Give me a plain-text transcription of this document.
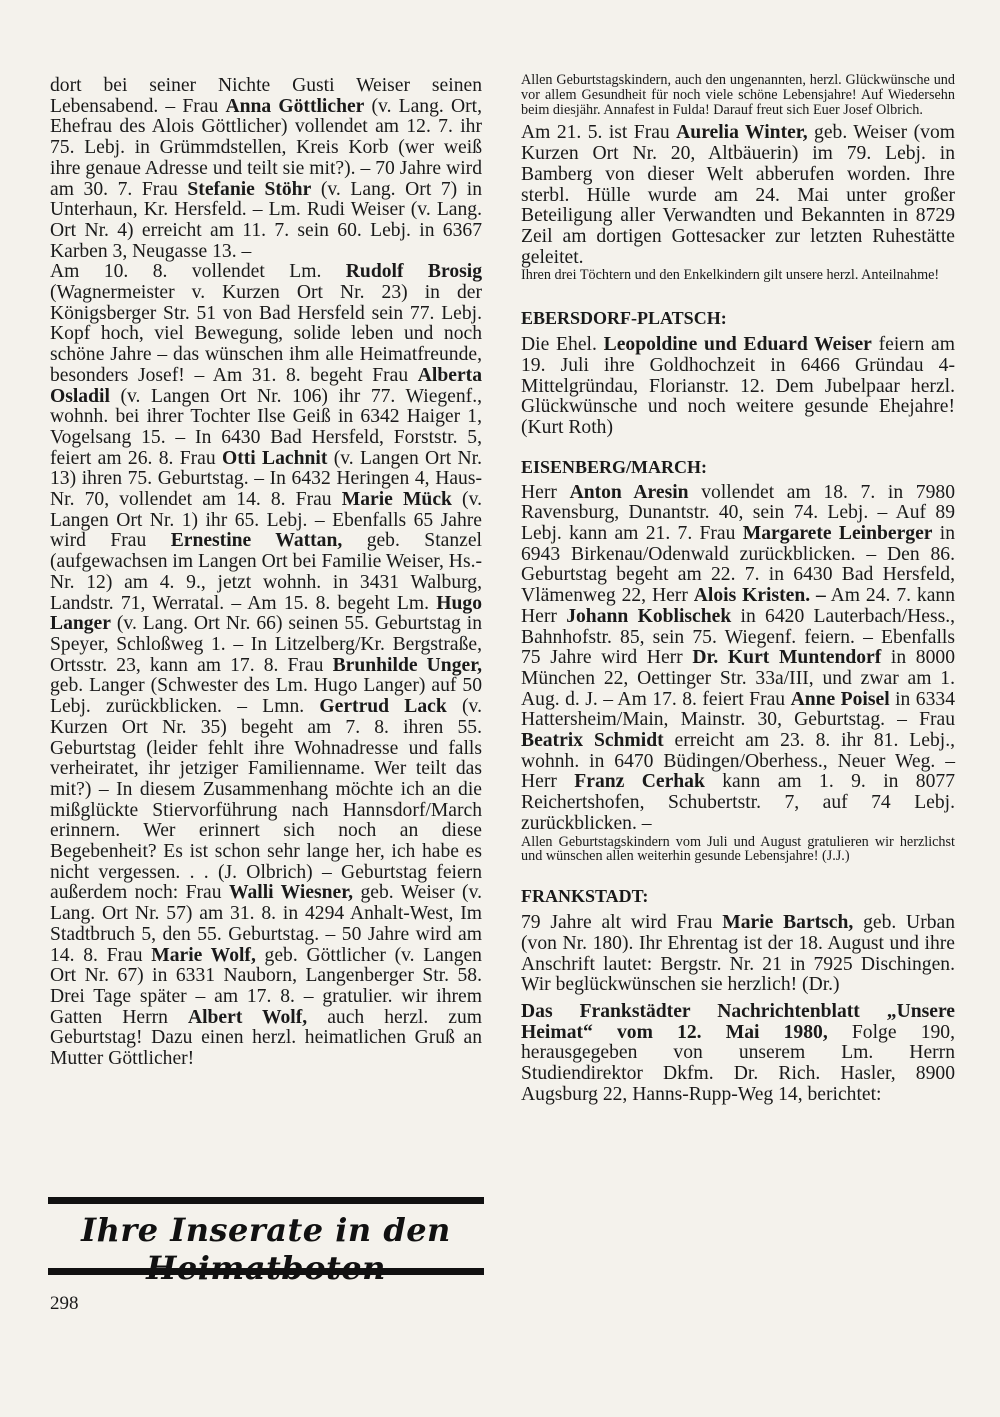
dort bei seiner Nichte Gusti Weiser seinen Lebensabend. – Frau Anna Göttlicher (v. Lang. Ort, Ehefrau des Alois Göttlicher) vollendet am 12. 7. ihr 75. Lebj. in Grümmdstellen, Kreis Korb (wer weiß ihre genaue Adresse und teilt sie mit?). – 70 Jahre wird am 30. 7. Frau Stefanie Stöhr (v. Lang. Ort 7) in Unterhaun, Kr. Hersfeld. – Lm. Rudi Weiser (v. Lang. Ort Nr. 4) erreicht am 11. 7. sein 60. Lebj. in 6367 Karben 3, Neugasse 13. –

Am 10. 8. vollendet Lm. Rudolf Brosig (Wagnermeister v. Kurzen Ort Nr. 23) in der Königsberger Str. 51 von Bad Hersfeld sein 77. Lebj. Kopf hoch, viel Bewegung, solide leben und noch schöne Jahre – das wünschen ihm alle Heimatfreunde, besonders Josef! – Am 31. 8. begeht Frau Alberta Osladil (v. Langen Ort Nr. 106) ihr 77. Wiegenf., wohnh. bei ihrer Tochter Ilse Geiß in 6342 Haiger 1, Vogelsang 15. – In 6430 Bad Hersfeld, Forststr. 5, feiert am 26. 8. Frau Otti Lachnit (v. Langen Ort Nr. 13) ihren 75. Geburtstag. – In 6432 Heringen 4, Haus-Nr. 70, vollendet am 14. 8. Frau Marie Mück (v. Langen Ort Nr. 1) ihr 65. Lebj. – Ebenfalls 65 Jahre wird Frau Ernestine Wattan, geb. Stanzel (aufgewachsen im Langen Ort bei Familie Weiser, Hs.-Nr. 12) am 4. 9., jetzt wohnh. in 3431 Walburg, Landstr. 71, Werratal. – Am 15. 8. begeht Lm. Hugo Langer (v. Lang. Ort Nr. 66) seinen 55. Geburtstag in Speyer, Schloßweg 1. – In Litzelberg/Kr. Bergstraße, Ortsstr. 23, kann am 17. 8. Frau Brunhilde Unger, geb. Langer (Schwester des Lm. Hugo Langer) auf 50 Lebj. zurückblicken. – Lmn. Gertrud Lack (v. Kurzen Ort Nr. 35) begeht am 7. 8. ihren 55. Geburtstag (leider fehlt ihre Wohnadresse und falls verheiratet, ihr jetziger Familienname. Wer teilt das mit?) – In diesem Zusammenhang möchte ich an die mißglückte Stiervorführung nach Hannsdorf/March erinnern. Wer erinnert sich noch an diese Begebenheit? Es ist schon sehr lange her, ich habe es nicht vergessen. . . (J. Olbrich) – Geburtstag feiern außerdem noch: Frau Walli Wiesner, geb. Weiser (v. Lang. Ort Nr. 57) am 31. 8. in 4294 Anhalt-West, Im Stadtbruch 5, den 55. Geburtstag. – 50 Jahre wird am 14. 8. Frau Marie Wolf, geb. Göttlicher (v. Langen Ort Nr. 67) in 6331 Nauborn, Langenberger Str. 58. Drei Tage später – am 17. 8. – gratulier. wir ihrem Gatten Herrn Albert Wolf, auch herzl. zum Geburtstag! Dazu einen herzl. heimatlichen Gruß an Mutter Göttlicher!

Ihre Inserate in den
298

Allen Geburtstagskindern, auch den ungenannten, herzl. Glückwünsche und vor allem Gesundheit für noch viele schöne Lebensjahre! Auf Wiedersehn beim diesjähr. Annafest in Fulda! Darauf freut sich Euer Josef Olbrich.

Am 21. 5. ist Frau Aurelia Winter, geb. Weiser (vom Kurzen Ort Nr. 20, Altbäuerin) im 79. Lebj. in Bamberg von dieser Welt abberufen worden. Ihre sterbl. Hülle wurde am 24. Mai unter großer Beteiligung aller Verwandten und Bekannten in 8729 Zeil am dortigen Gottesacker zur letzten Ruhestätte geleitet.

Ihren drei Töchtern und den Enkelkindern gilt unsere herzl. Anteilnahme!

EBERSDORF-PLATSCH:

Die Ehel. Leopoldine und Eduard Weiser feiern am 19. Juli ihre Goldhochzeit in 6466 Gründau 4-Mittelgründau, Florianstr. 12. Dem Jubelpaar herzl. Glückwünsche und noch weitere gesunde Ehejahre! (Kurt Roth)

EISENBERG/MARCH:

Herr Anton Aresin vollendet am 18. 7. in 7980 Ravensburg, Dunantstr. 40, sein 74. Lebj. – Auf 89 Lebj. kann am 21. 7. Frau Margarete Leinberger in 6943 Birkenau/Odenwald zurückblicken. – Den 86. Geburtstag begeht am 22. 7. in 6430 Bad Hersfeld, Vlämenweg 22, Herr Alois Kristen. – Am 24. 7. kann Herr Johann Koblischek in 6420 Lauterbach/Hess., Bahnhofstr. 85, sein 75. Wiegenf. feiern. – Ebenfalls 75 Jahre wird Herr Dr. Kurt Muntendorf in 8000 München 22, Oettinger Str. 33a/III, und zwar am 1. Aug. d. J. – Am 17. 8. feiert Frau Anne Poisel in 6334 Hattersheim/Main, Mainstr. 30, Geburtstag. – Frau Beatrix Schmidt erreicht am 23. 8. ihr 81. Lebj., wohnh. in 6470 Büdingen/Oberhess., Neuer Weg. – Herr Franz Cerhak kann am 1. 9. in 8077 Reichertshofen, Schubertstr. 7, auf 74 Lebj. zurückblicken. –

Allen Geburtstagskindern vom Juli und August gratulieren wir herzlichst und wünschen allen weiterhin gesunde Lebensjahre! (J.J.)

FRANKSTADT:

79 Jahre alt wird Frau Marie Bartsch, geb. Urban (von Nr. 180). Ihr Ehrentag ist der 18. August und ihre Anschrift lautet: Bergstr. Nr. 21 in 7925 Dischingen. Wir beglückwünschen sie herzlich! (Dr.)

Das Frankstädter Nachrichtenblatt „Unsere Heimat“ vom 12. Mai 1980, Folge 190, herausgegeben von unserem Lm. Herrn Studiendirektor Dkfm. Dr. Rich. Hasler, 8900 Augsburg 22, Hanns-Rupp-Weg 14, berichtet:
